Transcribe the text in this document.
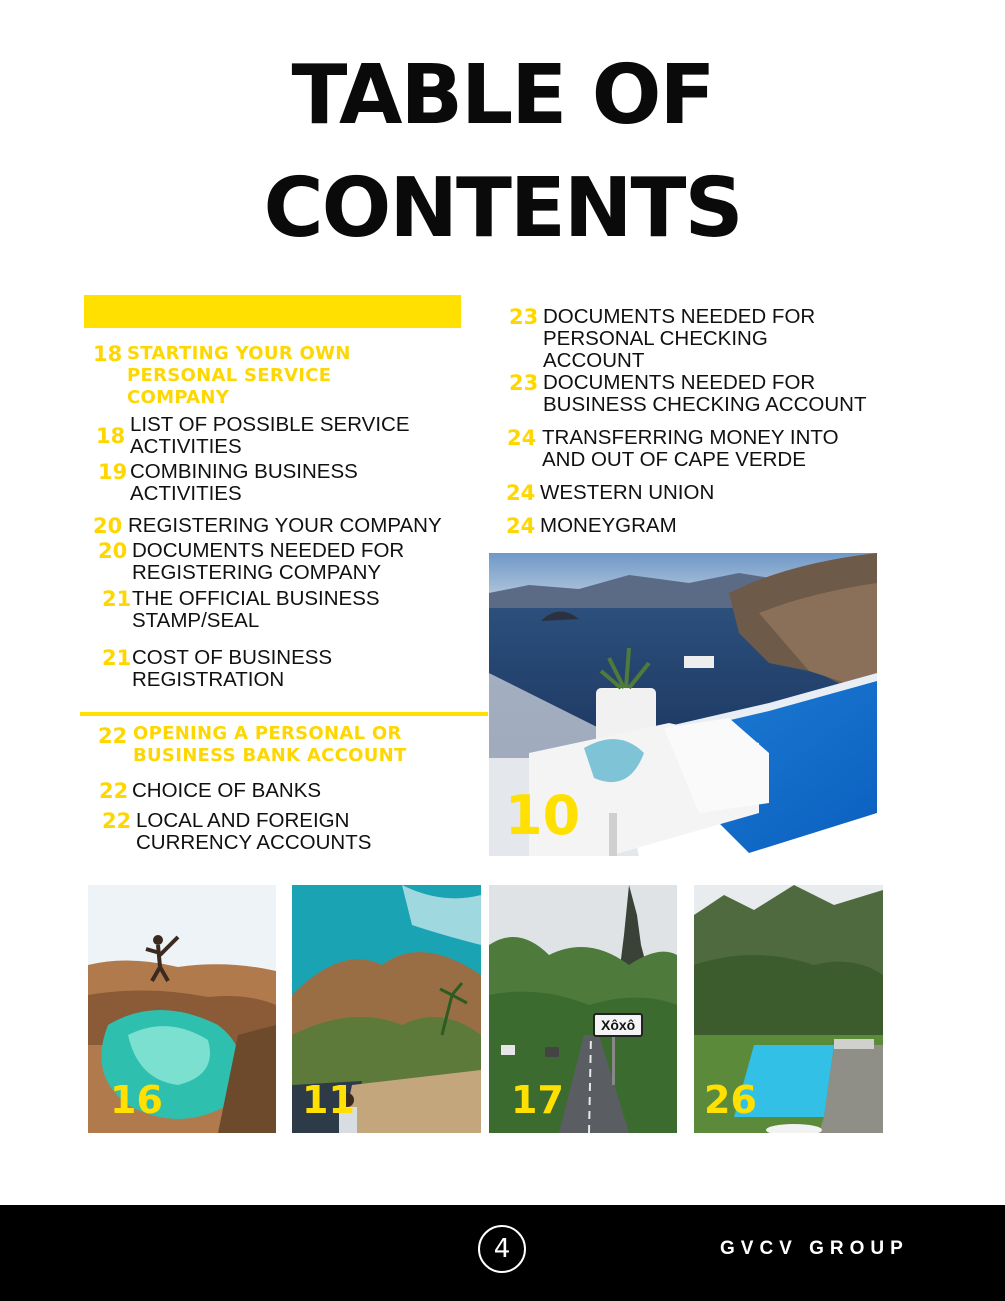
TABLE OF
CONTENTS
18 STARTING YOUR OWN PERSONAL SERVICE COMPANY
18 LIST OF POSSIBLE SERVICE ACTIVITIES
19 COMBINING BUSINESS ACTIVITIES
20 REGISTERING YOUR COMPANY
20 DOCUMENTS NEEDED FOR REGISTERING COMPANY
21 THE OFFICIAL BUSINESS STAMP/SEAL
21 COST OF BUSINESS REGISTRATION
22 OPENING A PERSONAL OR BUSINESS BANK ACCOUNT
22 CHOICE OF BANKS
22 LOCAL AND FOREIGN CURRENCY ACCOUNTS
23 DOCUMENTS NEEDED FOR PERSONAL CHECKING ACCOUNT
23 DOCUMENTS NEEDED FOR BUSINESS CHECKING ACCOUNT
24 TRANSFERRING MONEY INTO AND OUT OF CAPE VERDE
24 WESTERN UNION
24 MONEYGRAM
10
16	11
Xôxô
17	26
4	GVCV GROUP
